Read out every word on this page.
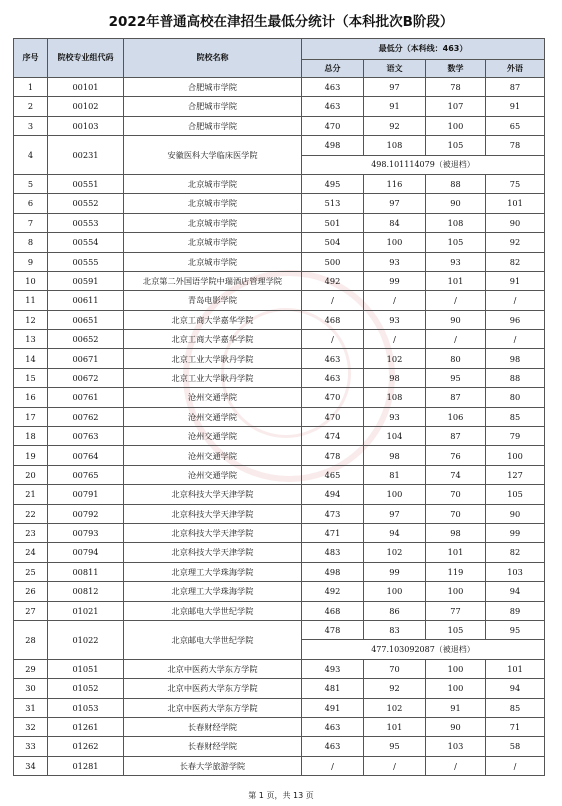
2022年普通高校在津招生最低分统计（本科批次B阶段）
序号	院校专业组代码	院校名称	最低分（本科线：463）			
			总分	语文	数学	外语
1	00101	合肥城市学院	463	97	78	87
2	00102	合肥城市学院	463	91	107	91
3	00103	合肥城市学院	470	92	100	65
4	00231	安徽医科大学临床医学院	498	108	105	78
			498.101114079（被退档）			
5	00551	北京城市学院	495	116	88	75
6	00552	北京城市学院	513	97	90	101
7	00553	北京城市学院	501	84	108	90
8	00554	北京城市学院	504	100	105	92
9	00555	北京城市学院	500	93	93	82
10	00591	北京第二外国语学院中瑞酒店管理学院	492	99	101	91
11	00611	青岛电影学院	/	/	/	/
12	00651	北京工商大学嘉华学院	468	93	90	96
13	00652	北京工商大学嘉华学院	/	/	/	/
14	00671	北京工业大学耿丹学院	463	102	80	98
15	00672	北京工业大学耿丹学院	463	98	95	88
16	00761	沧州交通学院	470	108	87	80
17	00762	沧州交通学院	470	93	106	85
18	00763	沧州交通学院	474	104	87	79
19	00764	沧州交通学院	478	98	76	100
20	00765	沧州交通学院	465	81	74	127
21	00791	北京科技大学天津学院	494	100	70	105
22	00792	北京科技大学天津学院	473	97	70	90
23	00793	北京科技大学天津学院	471	94	98	99
24	00794	北京科技大学天津学院	483	102	101	82
25	00811	北京理工大学珠海学院	498	99	119	103
26	00812	北京理工大学珠海学院	492	100	100	94
27	01021	北京邮电大学世纪学院	468	86	77	89
28	01022	北京邮电大学世纪学院	478	83	105	95
			477.103092087（被退档）			
29	01051	北京中医药大学东方学院	493	70	100	101
30	01052	北京中医药大学东方学院	481	92	100	94
31	01053	北京中医药大学东方学院	491	102	91	85
32	01261	长春财经学院	463	101	90	71
33	01262	长春财经学院	463	95	103	58
34	01281	长春大学旅游学院	/	/	/	/
第 1 页，共 13 页
